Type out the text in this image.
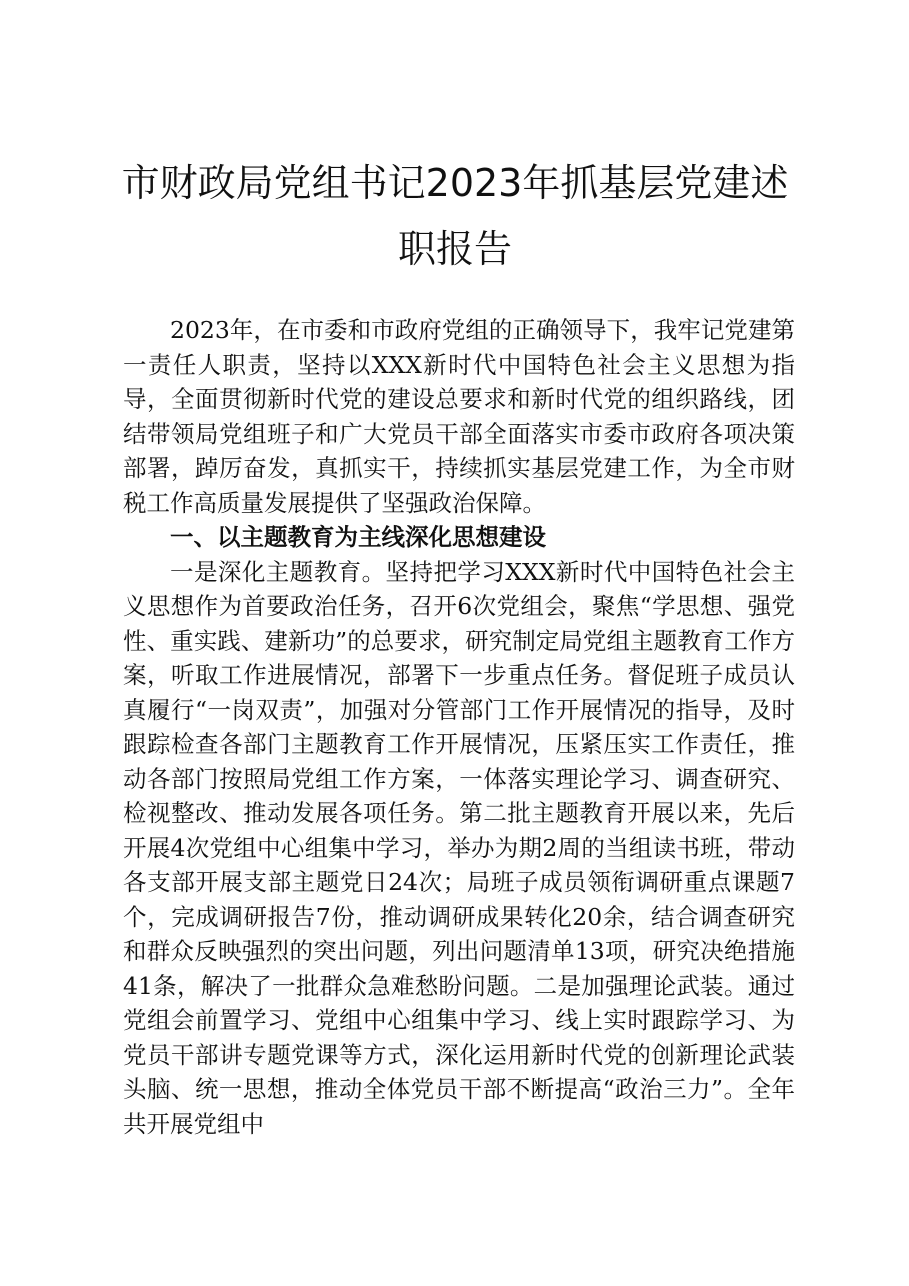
市财政局党组书记2023年抓基层党建述职报告

2023年，在市委和市政府党组的正确领导下，我牢记党建第一责任人职责，坚持以XXX新时代中国特色社会主义思想为指导，全面贯彻新时代党的建设总要求和新时代党的组织路线，团结带领局党组班子和广大党员干部全面落实市委市政府各项决策部署，踔厉奋发，真抓实干，持续抓实基层党建工作，为全市财税工作高质量发展提供了坚强政治保障。

一、以主题教育为主线深化思想建设

一是深化主题教育。坚持把学习XXX新时代中国特色社会主义思想作为首要政治任务，召开6次党组会，聚焦“学思想、强党性、重实践、建新功”的总要求，研究制定局党组主题教育工作方案，听取工作进展情况，部署下一步重点任务。督促班子成员认真履行“一岗双责”，加强对分管部门工作开展情况的指导，及时跟踪检查各部门主题教育工作开展情况，压紧压实工作责任，推动各部门按照局党组工作方案，一体落实理论学习、调查研究、检视整改、推动发展各项任务。第二批主题教育开展以来，先后开展4次党组中心组集中学习，举办为期2周的当组读书班，带动各支部开展支部主题党日24次；局班子成员领衔调研重点课题7个，完成调研报告7份，推动调研成果转化20余，结合调查研究和群众反映强烈的突出问题，列出问题清单13项，研究决绝措施41条，解决了一批群众急难愁盼问题。二是加强理论武装。通过党组会前置学习、党组中心组集中学习、线上实时跟踪学习、为党员干部讲专题党课等方式，深化运用新时代党的创新理论武装头脑、统一思想，推动全体党员干部不断提高“政治三力”。全年共开展党组中
